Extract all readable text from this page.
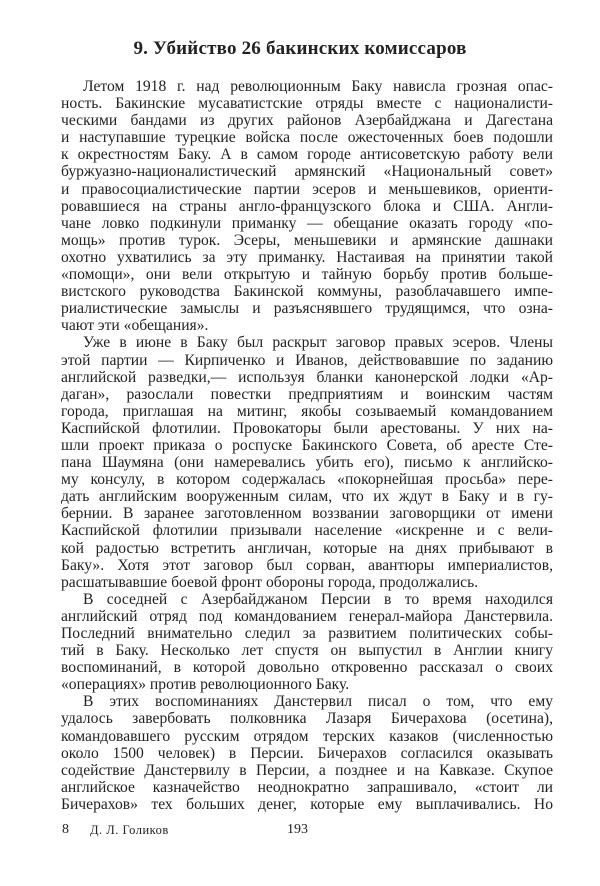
9. Убийство 26 бакинских комиссаров
Летом 1918 г. над революционным Баку нависла грозная опас-
ность. Бакинские мусаватистские отряды вместе с националисти-
ческими бандами из других районов Азербайджана и Дагестана
и наступавшие турецкие войска после ожесточенных боев подошли
к окрестностям Баку. А в самом городе антисоветскую работу вели
буржуазно-националистический армянский «Национальный совет»
и правосоциалистические партии эсеров и меньшевиков, ориенти-
ровавшиеся на страны англо-французского блока и США. Англи-
чане ловко подкинули приманку — обещание оказать городу «по-
мощь» против турок. Эсеры, меньшевики и армянские дашнаки
охотно ухватились за эту приманку. Настаивая на принятии такой
«помощи», они вели открытую и тайную борьбу против больше-
вистского руководства Бакинской коммуны, разоблачавшего импе-
риалистические замыслы и разъяснявшего трудящимся, что озна-
чают эти «обещания».
Уже в июне в Баку был раскрыт заговор правых эсеров. Члены
этой партии — Кирпиченко и Иванов, действовавшие по заданию
английской разведки,— используя бланки канонерской лодки «Ар-
даган», разослали повестки предприятиям и воинским частям
города, приглашая на митинг, якобы созываемый командованием
Каспийской флотилии. Провокаторы были арестованы. У них на-
шли проект приказа о роспуске Бакинского Совета, об аресте Сте-
пана Шаумяна (они намеревались убить его), письмо к английско-
му консулу, в котором содержалась «покорнейшая просьба» пере-
дать английским вооруженным силам, что их ждут в Баку и в гу-
бернии. В заранее заготовленном воззвании заговорщики от имени
Каспийской флотилии призывали население «искренне и с вели-
кой радостью встретить англичан, которые на днях прибывают в
Баку». Хотя этот заговор был сорван, авантюры империалистов,
расшатывавшие боевой фронт обороны города, продолжались.
В соседней с Азербайджаном Персии в то время находился
английский отряд под командованием генерал-майора Данстервила.
Последний внимательно следил за развитием политических собы-
тий в Баку. Несколько лет спустя он выпустил в Англии книгу
воспоминаний, в которой довольно откровенно рассказал о своих
«операциях» против революционного Баку.
В этих воспоминаниях Данстервил писал о том, что ему
удалось завербовать полковника Лазаря Бичерахова (осетина),
командовавшего русским отрядом терских казаков (численностью
около 1500 человек) в Персии. Бичерахов согласился оказывать
содействие Данстервилу в Персии, а позднее и на Кавказе. Скупое
английское казначейство неоднократно запрашивало, «стоит ли
Бичерахов» тех больших денег, которые ему выплачивались. Но
8 Д. Л. Голиков	193
